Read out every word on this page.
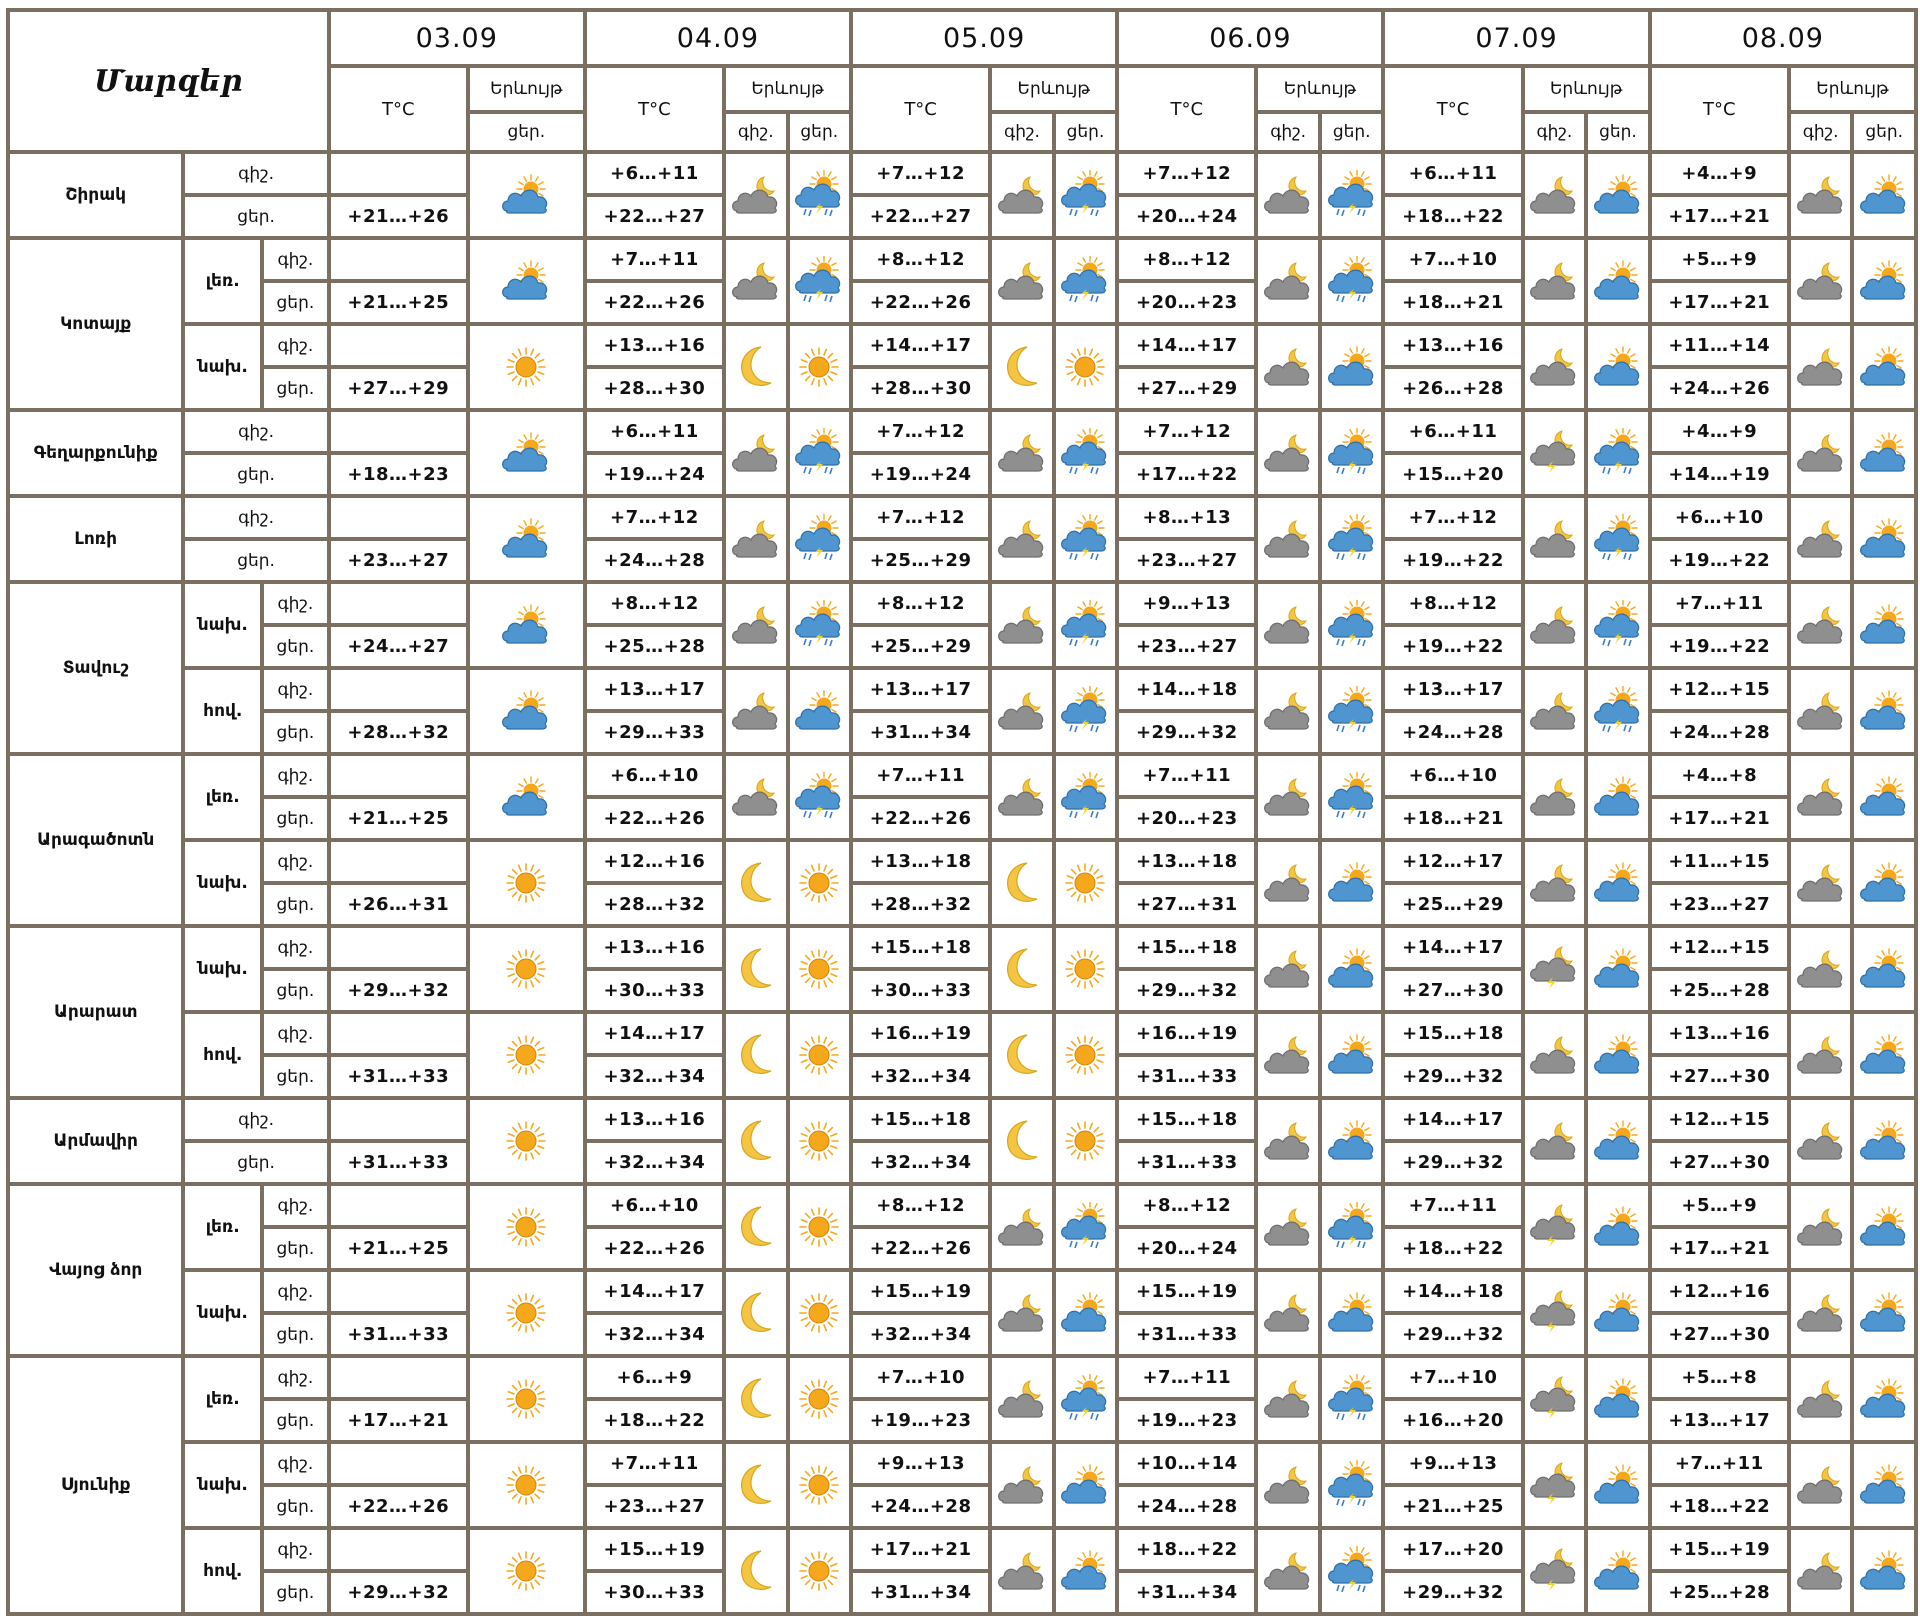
Մարզեր			03.09		04.09			05.09			06.09			07.09			08.09		
			T°C	Երևույթ	T°C	Երևույթ		T°C	Երևույթ		T°C	Երևույթ		T°C	Երևույթ		T°C	Երևույթ	
				ցեր.		գիշ.	ցեր.		գիշ.	ցեր.		գիշ.	ցեր.		գիշ.	ցեր.		գիշ.	ցեր.
Շիրակ	գիշ.				+6…+11			+7…+12			+7…+12			+6…+11			+4…+9	

	ցեր.		+21…+26		+22…+27			+22…+27			+20…+24			+18…+22			+17…+21		
Կոտայք	լեռ.	գիշ.			+7…+11			+8…+12			+8…+12			+7…+10			+5…+9	

		ցեր.	+21…+25		+22…+26			+22…+26			+20…+23			+18…+21			+17…+21		
	նախ.	գիշ.			+13…+16			+14…+17			+14…+17			+13…+16			+11…+14	

		ցեր.	+27…+29		+28…+30			+28…+30			+27…+29			+26…+28			+24…+26		
Գեղարքունիք	գիշ.				+6…+11			+7…+12			+7…+12			+6…+11			+4…+9	

	ցեր.		+18…+23		+19…+24			+19…+24			+17…+22			+15…+20			+14…+19		
Լոռի	գիշ.				+7…+12			+7…+12			+8…+13			+7…+12			+6…+10	

	ցեր.		+23…+27		+24…+28			+25…+29			+23…+27			+19…+22			+19…+22		
Տավուշ	նախ.	գիշ.			+8…+12			+8…+12			+9…+13			+8…+12			+7…+11	

		ցեր.	+24…+27		+25…+28			+25…+29			+23…+27			+19…+22			+19…+22		
	հով.	գիշ.			+13…+17			+13…+17			+14…+18			+13…+17			+12…+15	

		ցեր.	+28…+32		+29…+33			+31…+34			+29…+32			+24…+28			+24…+28		
Արագածոտն	լեռ.	գիշ.			+6…+10			+7…+11			+7…+11			+6…+10			+4…+8	

		ցեր.	+21…+25		+22…+26			+22…+26			+20…+23			+18…+21			+17…+21		
	նախ.	գիշ.			+12…+16			+13…+18			+13…+18			+12…+17			+11…+15	

		ցեր.	+26…+31		+28…+32			+28…+32			+27…+31			+25…+29			+23…+27		
Արարատ	նախ.	գիշ.			+13…+16			+15…+18			+15…+18			+14…+17			+12…+15	

		ցեր.	+29…+32		+30…+33			+30…+33			+29…+32			+27…+30			+25…+28		
	հով.	գիշ.			+14…+17			+16…+19			+16…+19			+15…+18			+13…+16	

		ցեր.	+31…+33		+32…+34			+32…+34			+31…+33			+29…+32			+27…+30		
Արմավիր	գիշ.				+13…+16			+15…+18			+15…+18			+14…+17			+12…+15	

	ցեր.		+31…+33		+32…+34			+32…+34			+31…+33			+29…+32			+27…+30		
Վայոց ձոր	լեռ.	գիշ.			+6…+10			+8…+12			+8…+12			+7…+11			+5…+9	

		ցեր.	+21…+25		+22…+26			+22…+26			+20…+24			+18…+22			+17…+21		
	նախ.	գիշ.			+14…+17			+15…+19			+15…+19			+14…+18			+12…+16	

		ցեր.	+31…+33		+32…+34			+32…+34			+31…+33			+29…+32			+27…+30		
Սյունիք	լեռ.	գիշ.			+6…+9			+7…+10			+7…+11			+7…+10			+5…+8	

		ցեր.	+17…+21		+18…+22			+19…+23			+19…+23			+16…+20			+13…+17		
	նախ.	գիշ.			+7…+11			+9…+13			+10…+14			+9…+13			+7…+11	

		ցեր.	+22…+26		+23…+27			+24…+28			+24…+28			+21…+25			+18…+22		
	հով.	գիշ.			+15…+19			+17…+21			+18…+22			+17…+20			+15…+19	

		ցեր.	+29…+32		+30…+33			+31…+34			+31…+34			+29…+32			+25…+28		
